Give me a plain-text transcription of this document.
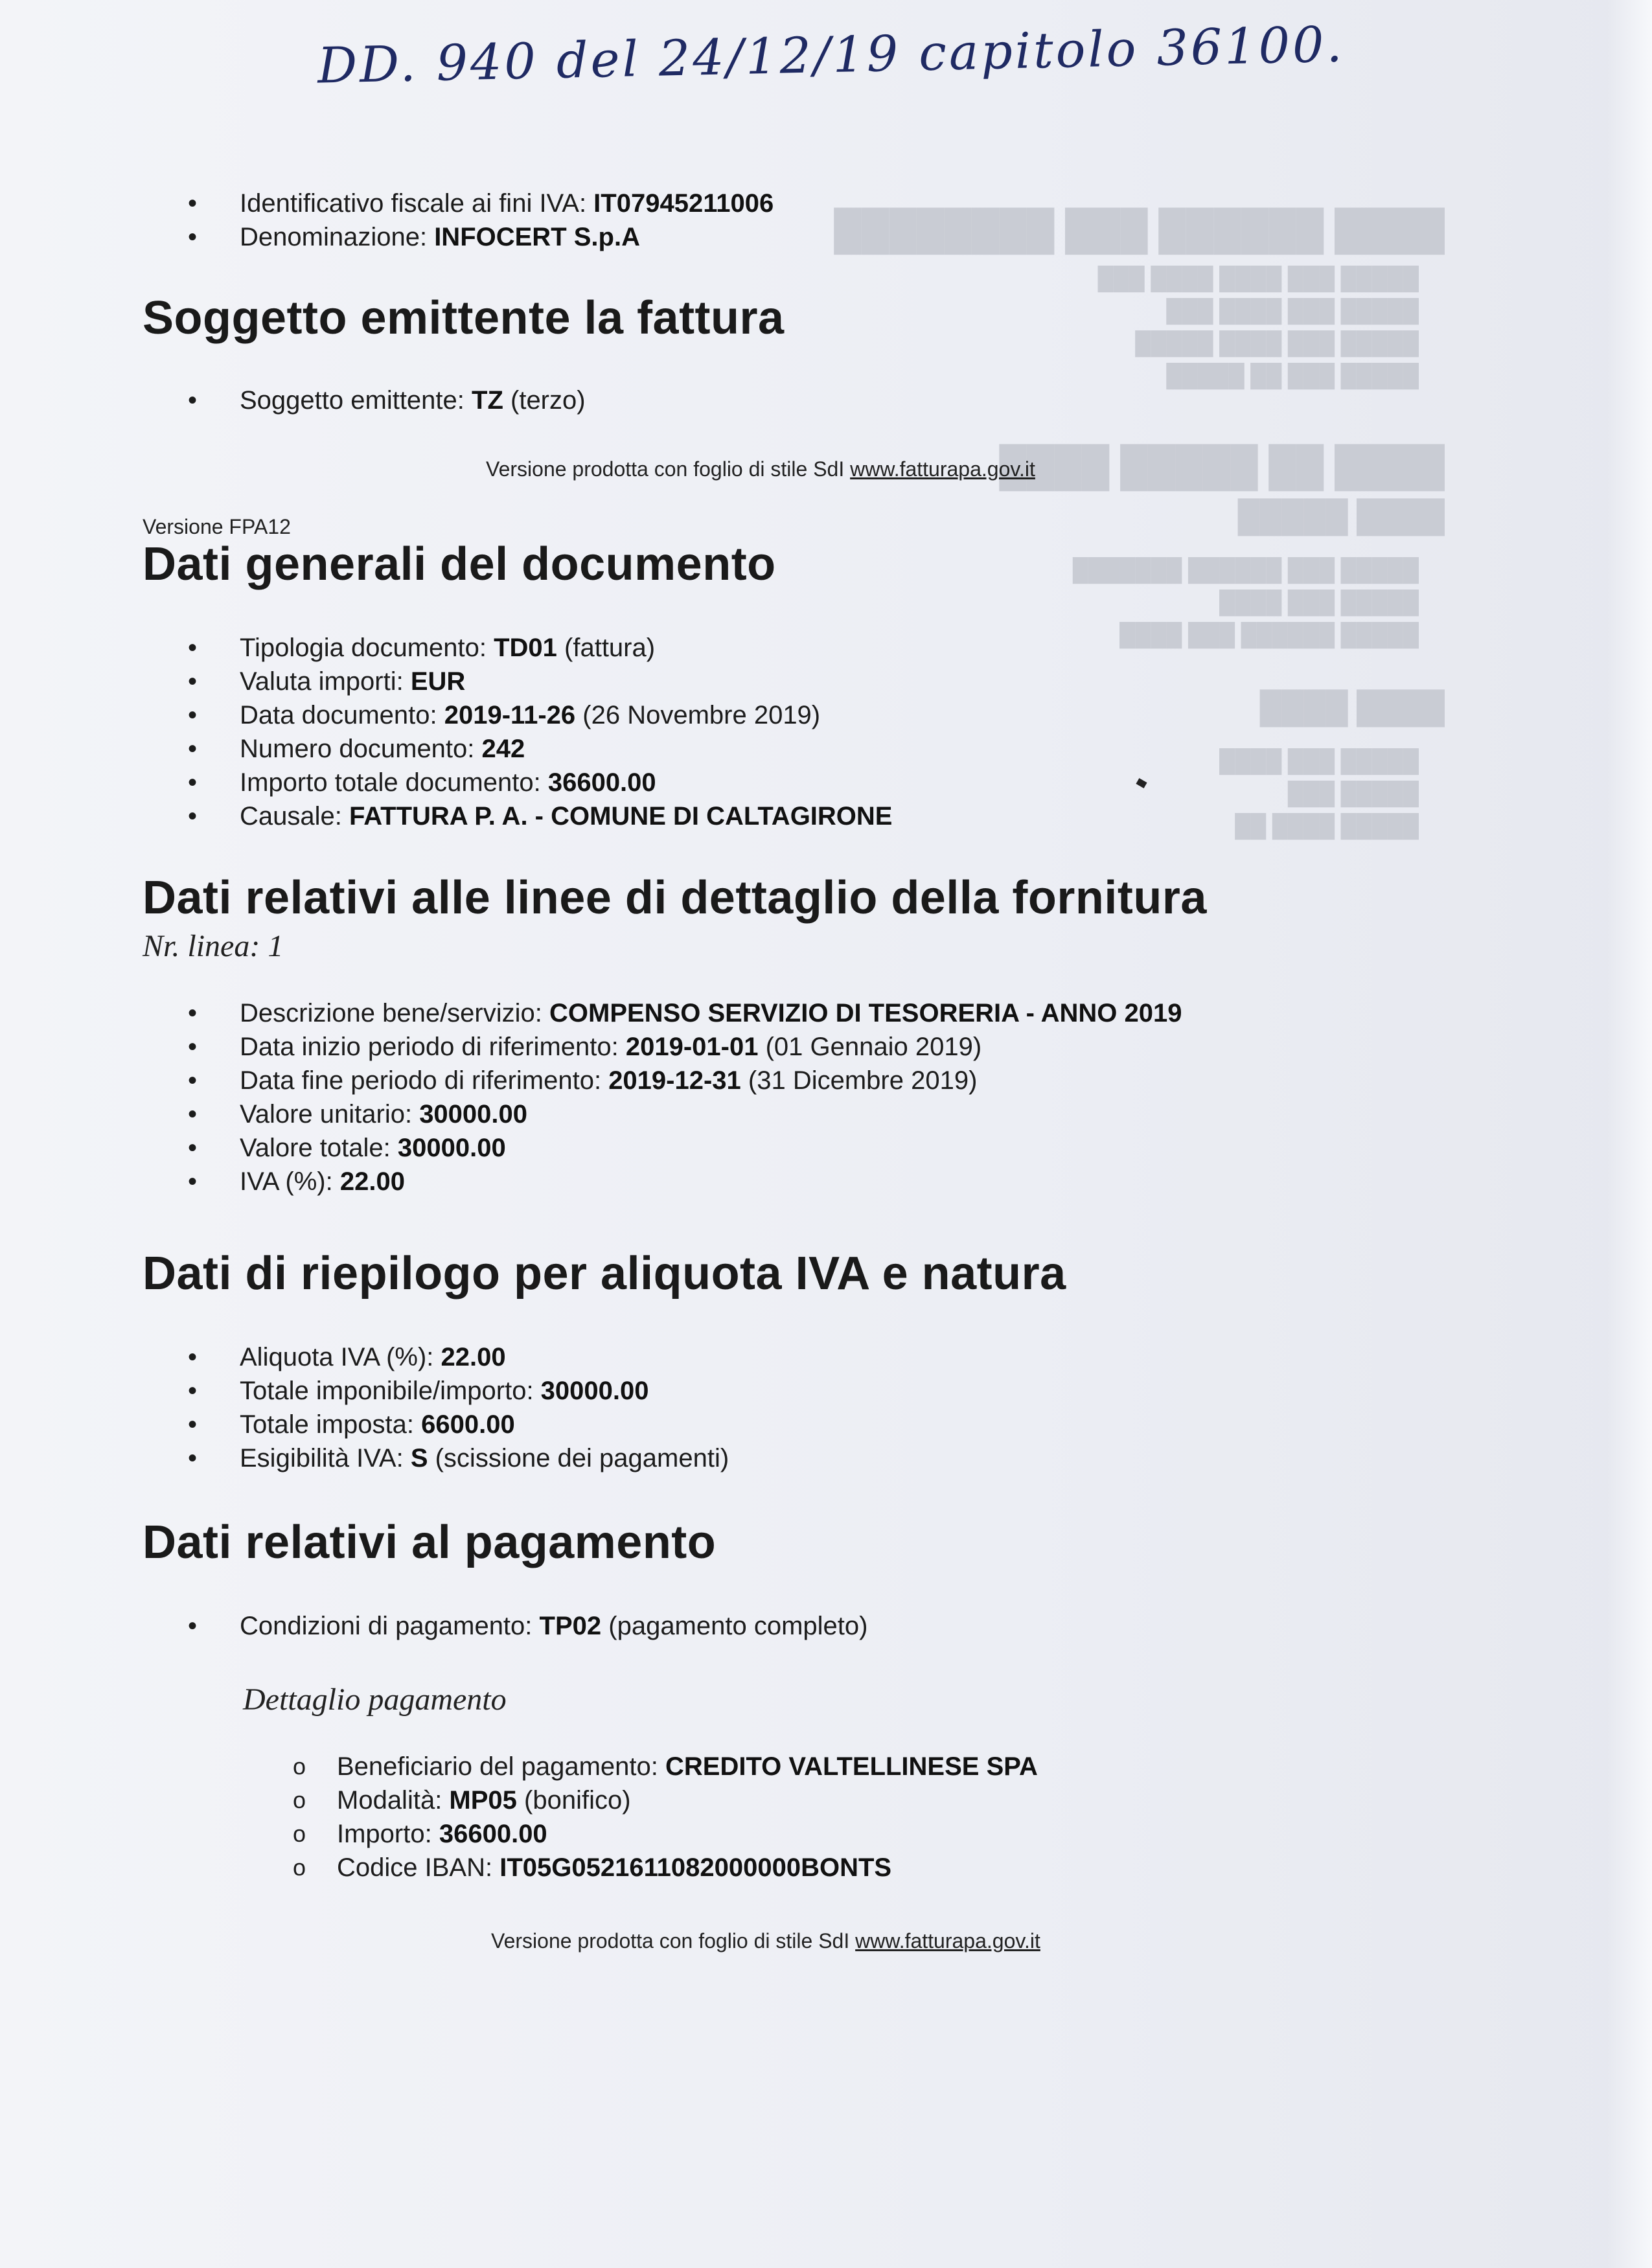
████ ██████ ███ ████████
█████ ███ ████ ████ ███
█████ ███ ████ ███
█████ ███ ████ █████
█████ ███ ██ █████
████ ██ █████ ████
████ █████
█████ ███ ██████ ███████
█████ ███ ████
█████ ██████ ███ ████
████ ████
█████ ███ ████
█████ ███
█████ ████ ██
DD. 940 del 24/12/19 capitolo 36100.
• Identificativo fiscale ai fini IVA: IT07945211006
• Denominazione: INFOCERT S.p.A
Soggetto emittente la fattura
• Soggetto emittente: TZ (terzo)
Versione prodotta con foglio di stile SdI www.fatturapa.gov.it
Versione FPA12
Dati generali del documento
• Tipologia documento: TD01 (fattura)
• Valuta importi: EUR
• Data documento: 2019-11-26 (26 Novembre 2019)
• Numero documento: 242
• Importo totale documento: 36600.00
• Causale: FATTURA P. A. - COMUNE DI CALTAGIRONE
Dati relativi alle linee di dettaglio della fornitura
Nr. linea: 1
• Descrizione bene/servizio: COMPENSO SERVIZIO DI TESORERIA - ANNO 2019
• Data inizio periodo di riferimento: 2019-01-01 (01 Gennaio 2019)
• Data fine periodo di riferimento: 2019-12-31 (31 Dicembre 2019)
• Valore unitario: 30000.00
• Valore totale: 30000.00
• IVA (%): 22.00
Dati di riepilogo per aliquota IVA e natura
• Aliquota IVA (%): 22.00
• Totale imponibile/importo: 30000.00
• Totale imposta: 6600.00
• Esigibilità IVA: S (scissione dei pagamenti)
Dati relativi al pagamento
• Condizioni di pagamento: TP02 (pagamento completo)
Dettaglio pagamento
o Beneficiario del pagamento: CREDITO VALTELLINESE SPA
o Modalità: MP05 (bonifico)
o Importo: 36600.00
o Codice IBAN: IT05G0521611082000000BONTS
Versione prodotta con foglio di stile SdI www.fatturapa.gov.it
